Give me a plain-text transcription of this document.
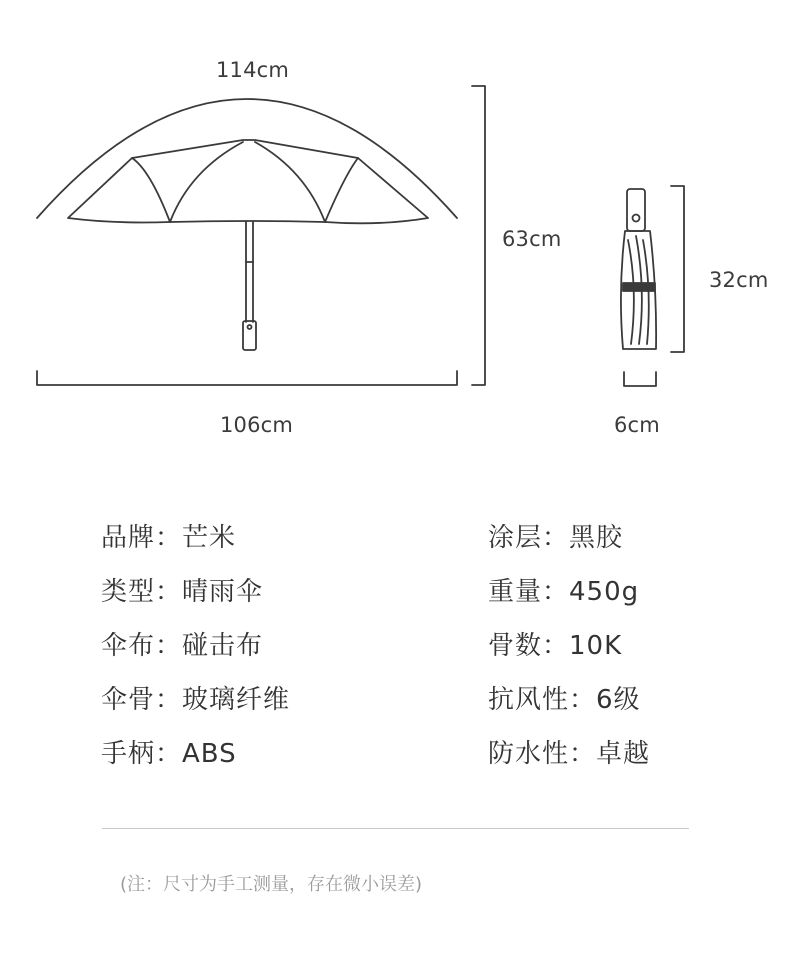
114cm
106cm
63cm
32cm
6cm
品牌：芒米
类型：晴雨伞
伞布：碰击布
伞骨：玻璃纤维
手柄：ABS
涂层：黑胶
重量：450g
骨数：10K
抗风性：6级
防水性：卓越
(注：尺寸为手工测量，存在微小误差)
